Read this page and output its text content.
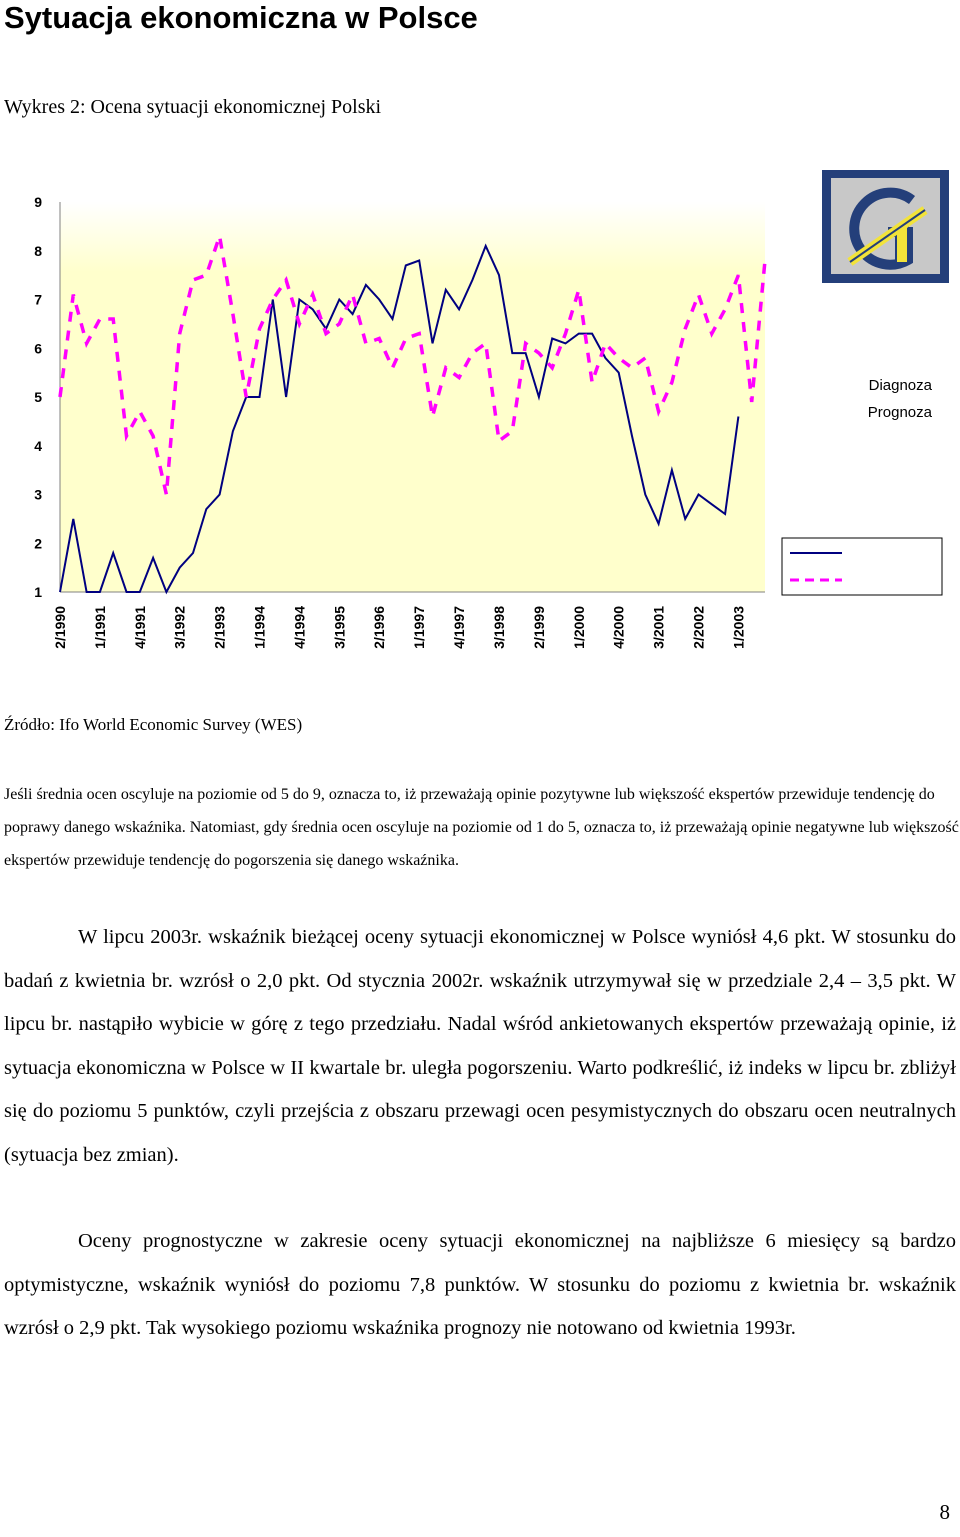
Sytuacja ekonomiczna w Polsce
Wykres 2: Ocena sytuacji ekonomicznej Polski
1
2
3
4
5
6
7
8
9
2/1990 1/1991 4/1991 3/1992 2/1993 1/1994 4/1994 3/1995 2/1996 1/1997 4/1997 3/1998 2/1999 1/2000 4/2000 3/2001 2/2002 1/2003
Diagnoza
Prognoza
Źródło: Ifo World Economic Survey (WES)
Jeśli średnia ocen oscyluje na poziomie od 5 do 9, oznacza to, iż przeważają opinie pozytywne lub większość ekspertów przewiduje tendencję do poprawy danego wskaźnika. Natomiast, gdy średnia ocen oscyluje na poziomie od 1 do 5, oznacza to, iż przeważają opinie negatywne lub większość ekspertów przewiduje tendencję do pogorszenia się danego wskaźnika.

W lipcu 2003r. wskaźnik bieżącej oceny sytuacji ekonomicznej w Polsce wyniósł 4,6 pkt. W stosunku do badań z kwietnia br. wzrósł o 2,0 pkt. Od stycznia 2002r. wskaźnik utrzymywał się w przedziale 2,4 – 3,5 pkt. W lipcu br. nastąpiło wybicie w górę z tego przedziału. Nadal wśród ankietowanych ekspertów przeważają opinie, iż sytuacja ekonomiczna w Polsce w II kwartale br. uległa pogorszeniu. Warto podkreślić, iż indeks w lipcu br. zbliżył się do poziomu 5 punktów, czyli przejścia z obszaru przewagi ocen pesymistycznych do obszaru ocen neutralnych (sytuacja bez zmian).

Oceny prognostyczne w zakresie oceny sytuacji ekonomicznej na najbliższe 6 miesięcy są bardzo optymistyczne, wskaźnik wyniósł do poziomu 7,8 punktów. W stosunku do poziomu z kwietnia br. wskaźnik wzrósł o 2,9 pkt. Tak wysokiego poziomu wskaźnika prognozy nie notowano od kwietnia 1993r.

8
